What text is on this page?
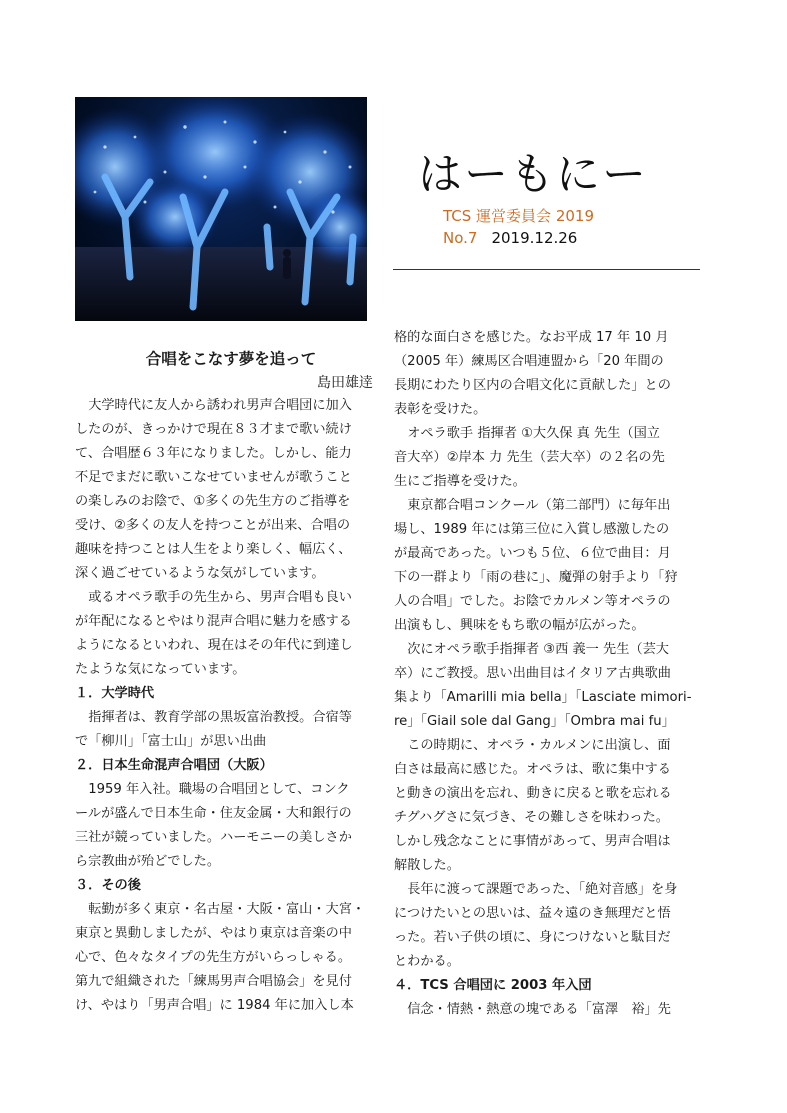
はーもにー

TCS 運営委員会 2019

No.7 2019.12.26

合唱をこなす夢を追って

島田雄逹

大学時代に友人から誘われ男声合唱団に加入

したのが、きっかけで現在８３才まで歌い続け

て、合唱歴６３年になりました。しかし、能力

不足でまだに歌いこなせていませんが歌うこと

の楽しみのお陰で、①多くの先生方のご指導を

受け、②多くの友人を持つことが出来、合唱の

趣味を持つことは人生をより楽しく、幅広く、

深く過ごせているような気がしています。

或るオペラ歌手の先生から、男声合唱も良い

が年配になるとやはり混声合唱に魅力を感する

ようになるといわれ、現在はその年代に到達し

たような気になっています。

１．大学時代

指揮者は、教育学部の黒坂富治教授。合宿等

で「柳川」「富士山」が思い出曲

２．日本生命混声合唱団（大阪）

1959 年入社。職場の合唱団として、コンク

ールが盛んで日本生命・住友金属・大和銀行の

三社が競っていました。ハーモニーの美しさか

ら宗教曲が殆どでした。

３．その後

転勤が多く東京・名古屋・大阪・富山・大宮・

東京と異動しましたが、やはり東京は音楽の中

心で、色々なタイプの先生方がいらっしゃる。

第九で組織された「練馬男声合唱協会」を見付

け、やはり「男声合唱」に 1984 年に加入し本

格的な面白さを感じた。なお平成 17 年 10 月

（2005 年）練馬区合唱連盟から「20 年間の

長期にわたり区内の合唱文化に貢献した」との

表彰を受けた。

オペラ歌手 指揮者 ①大久保 真 先生（国立

音大卒）②岸本 力 先生（芸大卒）の２名の先

生にご指導を受けた。

東京都合唱コンクール（第二部門）に毎年出

場し、1989 年には第三位に入賞し感激したの

が最高であった。いつも５位、６位で曲目：月

下の一群より「雨の巷に」、魔弾の射手より「狩

人の合唱」でした。お陰でカルメン等オペラの

出演もし、興味をもち歌の幅が広がった。

次にオペラ歌手指揮者 ③西 義一 先生（芸大

卒）にご教授。思い出曲目はイタリア古典歌曲

集より「Amarilli mia bella」「Lasciate mimori-

re」「Giail sole dal Gang」「Ombra mai fu」

この時期に、オペラ・カルメンに出演し、面

白さは最高に感じた。オペラは、歌に集中する

と動きの演出を忘れ、動きに戻ると歌を忘れる

チグハグさに気づき、その難しさを味わった。

しかし残念なことに事情があって、男声合唱は

解散した。

長年に渡って課題であった、「絶対音感」を身

につけたいとの思いは、益々遠のき無理だと悟

った。若い子供の頃に、身につけないと駄目だ

とわかる。

４．TCS 合唱団に 2003 年入団

信念・情熱・熱意の塊である「富澤　裕」先
